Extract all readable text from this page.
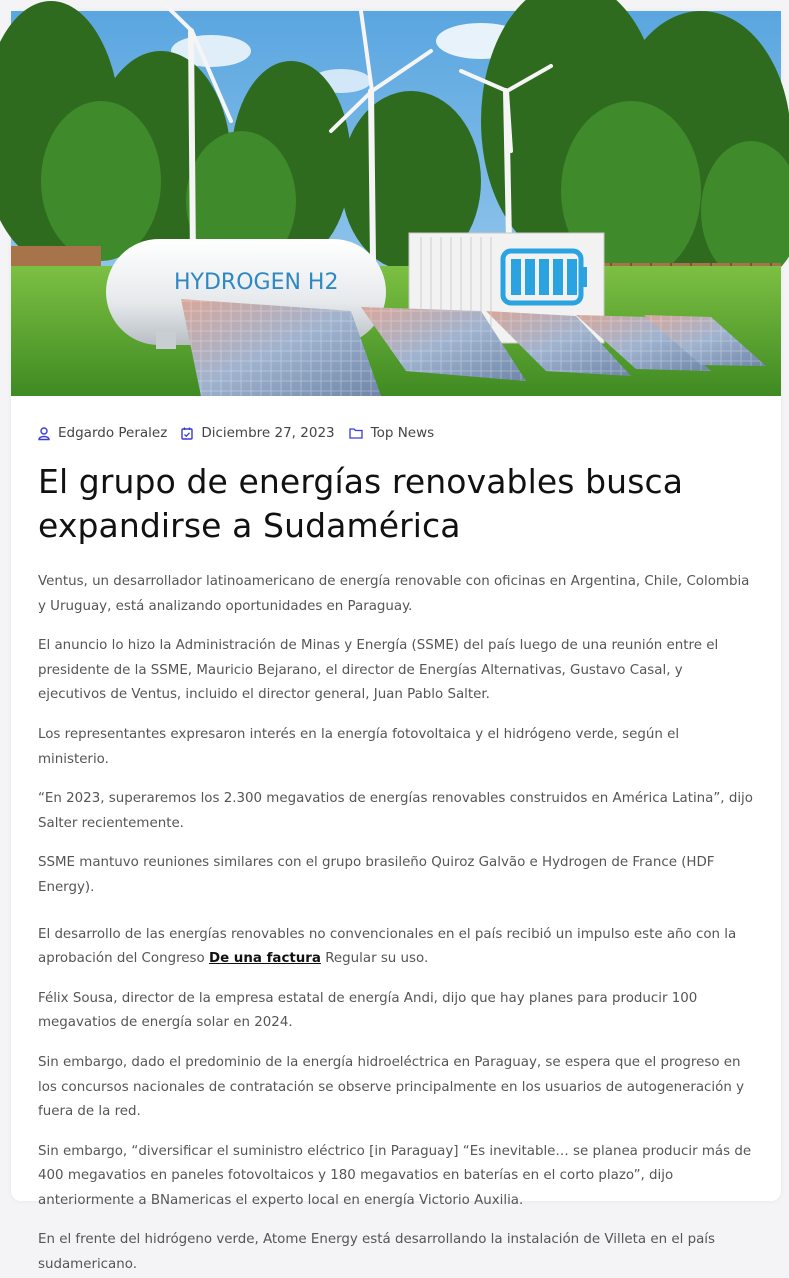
HYDROGEN H2
Edgardo Peralez	Diciembre 27, 2023	Top News
El grupo de energías renovables busca expandirse a Sudamérica

Ventus, un desarrollador latinoamericano de energía renovable con oficinas en Argentina, Chile, Colombia y Uruguay, está analizando oportunidades en Paraguay.

El anuncio lo hizo la Administración de Minas y Energía (SSME) del país luego de una reunión entre el presidente de la SSME, Mauricio Bejarano, el director de Energías Alternativas, Gustavo Casal, y ejecutivos de Ventus, incluido el director general, Juan Pablo Salter.

Los representantes expresaron interés en la energía fotovoltaica y el hidrógeno verde, según el ministerio.

“En 2023, superaremos los 2.300 megavatios de energías renovables construidos en América Latina”, dijo Salter recientemente.

SSME mantuvo reuniones similares con el grupo brasileño Quiroz Galvão e Hydrogen de France (HDF Energy).

El desarrollo de las energías renovables no convencionales en el país recibió un impulso este año con la aprobación del Congreso De una factura Regular su uso.

Félix Sousa, director de la empresa estatal de energía Andi, dijo que hay planes para producir 100 megavatios de energía solar en 2024.

Sin embargo, dado el predominio de la energía hidroeléctrica en Paraguay, se espera que el progreso en los concursos nacionales de contratación se observe principalmente en los usuarios de autogeneración y fuera de la red.

Sin embargo, “diversificar el suministro eléctrico [in Paraguay] “Es inevitable… se planea producir más de 400 megavatios en paneles fotovoltaicos y 180 megavatios en baterías en el corto plazo”, dijo anteriormente a BNamericas el experto local en energía Victorio Auxilia.

En el frente del hidrógeno verde, Atome Energy está desarrollando la instalación de Villeta en el país sudamericano.
